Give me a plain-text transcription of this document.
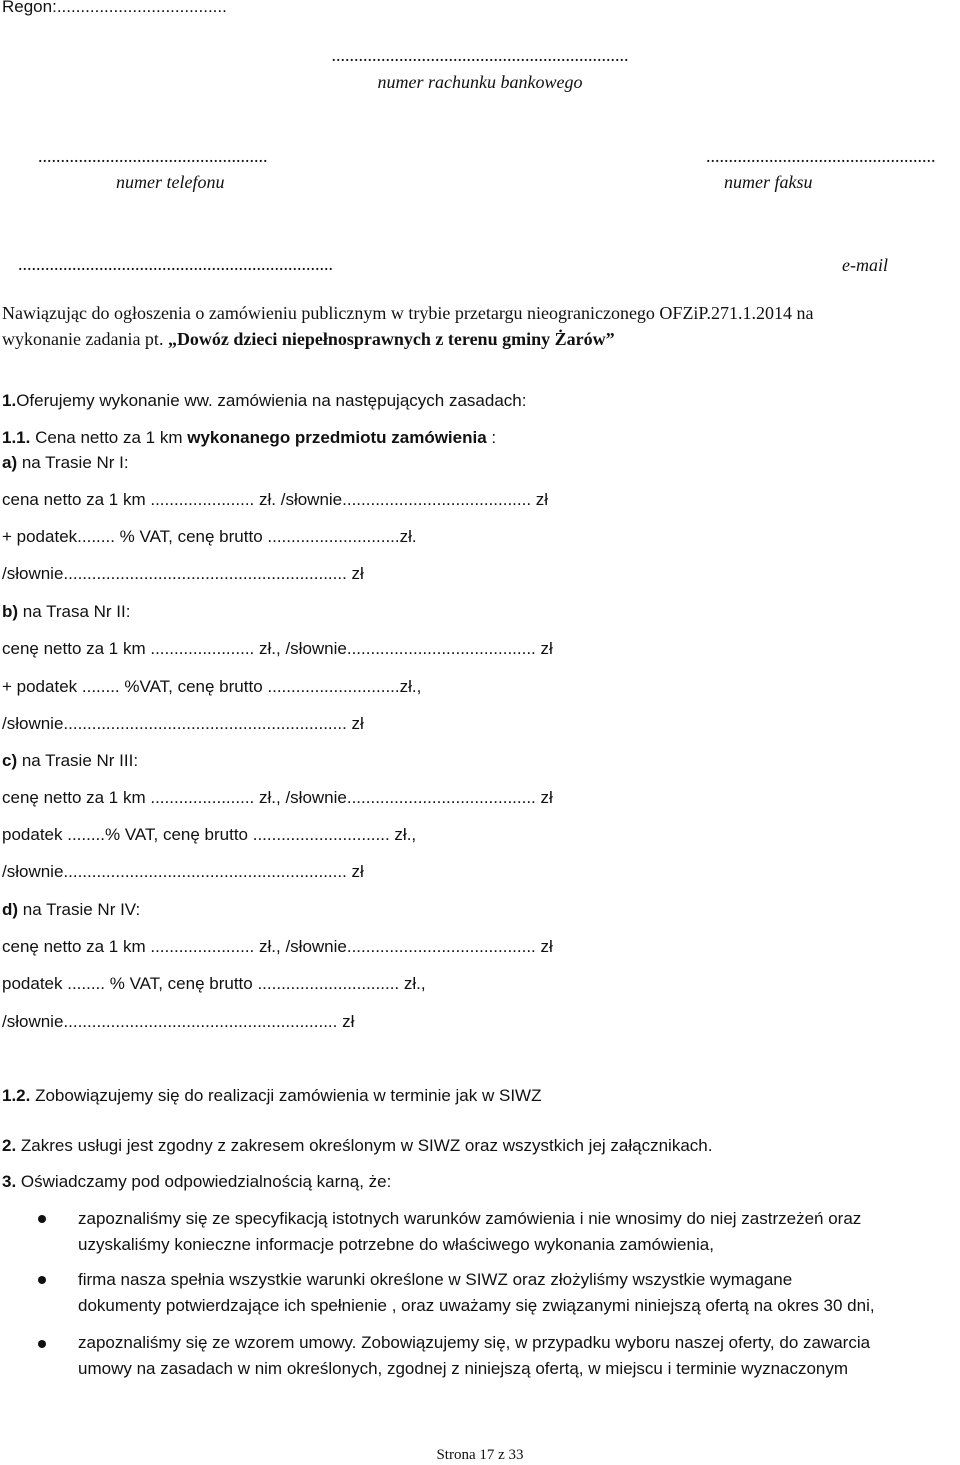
Regon:....................................
..................................................................
numer rachunku bankowego
...................................................
numer telefonu
...................................................
numer faksu
......................................................................	e-mail
Nawiązując do ogłoszenia o zamówieniu publicznym w trybie przetargu nieograniczonego OFZiP.271.1.2014 na
wykonanie zadania pt. „Dowóz dzieci niepełnosprawnych z terenu gminy Żarów”
1.Oferujemy wykonanie ww. zamówienia na następujących zasadach:
1.1. Cena netto za 1 km wykonanego przedmiotu zamówienia :
a) na Trasie Nr I:
cena netto za 1 km ...................... zł. /słownie........................................ zł
+ podatek........ % VAT, cenę brutto ............................zł.
/słownie............................................................ zł
b) na Trasa Nr II:
cenę netto za 1 km ...................... zł., /słownie........................................ zł
+ podatek ........ %VAT, cenę brutto ............................zł.,
/słownie............................................................ zł
c) na Trasie Nr III:
cenę netto za 1 km ...................... zł., /słownie........................................ zł
podatek ........% VAT, cenę brutto ............................. zł.,
/słownie............................................................ zł
d) na Trasie Nr IV:
cenę netto za 1 km ...................... zł., /słownie........................................ zł
podatek ........ % VAT, cenę brutto .............................. zł.,
/słownie.......................................................... zł
1.2. Zobowiązujemy się do realizacji zamówienia w terminie jak w SIWZ
2. Zakres usługi jest zgodny z zakresem określonym w SIWZ oraz wszystkich jej załącznikach.
3. Oświadczamy pod odpowiedzialnością karną, że:
zapoznaliśmy się ze specyfikacją istotnych warunków zamówienia i nie wnosimy do niej zastrzeżeń oraz
uzyskaliśmy konieczne informacje potrzebne do właściwego wykonania zamówienia,
firma nasza spełnia wszystkie warunki określone w SIWZ oraz złożyliśmy wszystkie wymagane
dokumenty potwierdzające ich spełnienie , oraz uważamy się związanymi niniejszą ofertą na okres 30 dni,
zapoznaliśmy się ze wzorem umowy. Zobowiązujemy się, w przypadku wyboru naszej oferty, do zawarcia
umowy na zasadach w nim określonych, zgodnej z niniejszą ofertą, w miejscu i terminie wyznaczonym
Strona 17 z 33
